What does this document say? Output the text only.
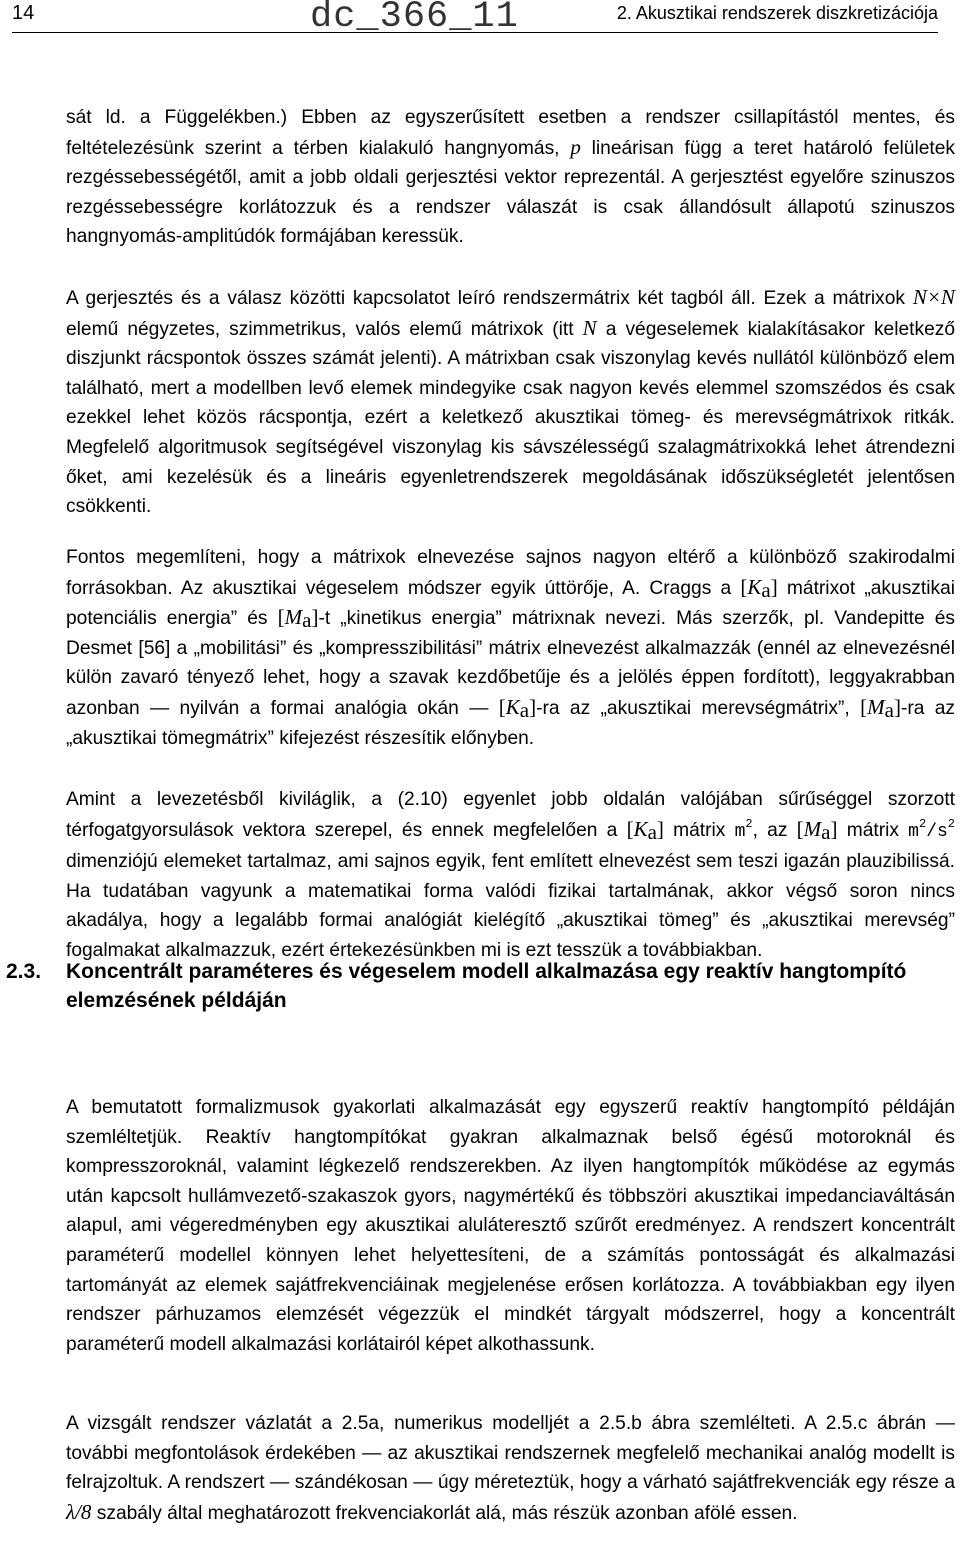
14	dc_366_11	2. Akusztikai rendszerek diszkretizációja
sát ld. a Függelékben.) Ebben az egyszerűsített esetben a rendszer csillapítástól mentes, és feltételezésünk szerint a térben kialakuló hangnyomás, p lineárisan függ a teret határoló felületek rezgéssebességétől, amit a jobb oldali gerjesztési vektor reprezentál. A gerjesztést egyelőre szinuszos rezgéssebességre korlátozzuk és a rendszer válaszát is csak állandósult állapotú szinuszos hangnyomás-amplitúdók formájában keressük.
A gerjesztés és a válasz közötti kapcsolatot leíró rendszermátrix két tagból áll. Ezek a mátrixok N×N elemű négyzetes, szimmetrikus, valós elemű mátrixok (itt N a végeselemek kialakításakor keletkező diszjunkt rácspontok összes számát jelenti). A mátrixban csak viszonylag kevés nullától különböző elem található, mert a modellben levő elemek mindegyike csak nagyon kevés elemmel szomszédos és csak ezekkel lehet közös rácspontja, ezért a keletkező akusztikai tömeg- és merevségmátrixok ritkák. Megfelelő algoritmusok segítségével viszonylag kis sávszélességű szalagmátrixokká lehet átrendezni őket, ami kezelésük és a lineáris egyenletrendszerek megoldásának időszükségletét jelentősen csökkenti.
Fontos megemlíteni, hogy a mátrixok elnevezése sajnos nagyon eltérő a különböző szakirodalmi forrásokban. Az akusztikai végeselem módszer egyik úttörője, A. Craggs a $[K_a]$ mátrixot „akusztikai potenciális energia” és $[M_a]-t$ „kinetikus energia” mátrixnak nevezi. Más szerzők, pl. Vandepitte és Desmet [56] a „mobilitási” és „kompresszibilitási” mátrix elnevezést alkalmazzák (ennél az elnevezésnél külön zavaró tényező lehet, hogy a szavak kezdőbetűje és a jelölés éppen fordított), leggyakrabban azonban — nyilván a formai analógia okán — $[K_a]-ra$ az „akusztikai merevségmátrix”, $[M_a]-ra$ az „akusztikai tömegmátrix” kifejezést részesítik előnyben.
Amint a levezetésből kiviláglik, a (2.10) egyenlet jobb oldalán valójában sűrűséggel szorzott térfogatgyorsulások vektora szerepel, és ennek megfelelően a $[K_a]$ mátrix $m^2$, az $[M_a]$ mátrix $m^2/s^2$ dimenziójú elemeket tartalmaz, ami sajnos egyik, fent említett elnevezést sem teszi igazán plauzibilissá. Ha tudatában vagyunk a matematikai forma valódi fizikai tartalmának, akkor végső soron nincs akadálya, hogy a legalább formai analógiát kielégítő „akusztikai tömeg” és „akusztikai merevség” fogalmakat alkalmazzuk, ezért értekezésünkben mi is ezt tesszük a továbbiakban.
2.3. Koncentrált paraméteres és végeselem modell alkalmazása egy reaktív hangtompító elemzésének példáján
A bemutatott formalizmusok gyakorlati alkalmazását egy egyszerű reaktív hangtompító példáján szemléltetjük. Reaktív hangtompítókat gyakran alkalmaznak belső égésű motoroknál és kompresszoroknál, valamint légkezelő rendszerekben. Az ilyen hangtompítók működése az egymás után kapcsolt hullámvezető-szakaszok gyors, nagymértékű és többszöri akusztikai impedanciaváltásán alapul, ami végeredményben egy akusztikai aluláteresztő szűrőt eredményez. A rendszert koncentrált paraméterű modellel könnyen lehet helyettesíteni, de a számítás pontosságát és alkalmazási tartományát az elemek sajátfrekvenciáinak megjelenése erősen korlátozza. A továbbiakban egy ilyen rendszer párhuzamos elemzését végezzük el mindkét tárgyalt módszerrel, hogy a koncentrált paraméterű modell alkalmazási korlátairól képet alkothassunk.
A vizsgált rendszer vázlatát a 2.5a, numerikus modelljét a 2.5.b ábra szemlélteti. A 2.5.c ábrán — további megfontolások érdekében — az akusztikai rendszernek megfelelő mechanikai analóg modellt is felrajzoltuk. A rendszert — szándékosan — úgy méreteztük, hogy a várható sajátfrekvenciák egy része a λ/8 szabály által meghatározott frekvenciakorlát alá, más részük azonban afölé essen.
